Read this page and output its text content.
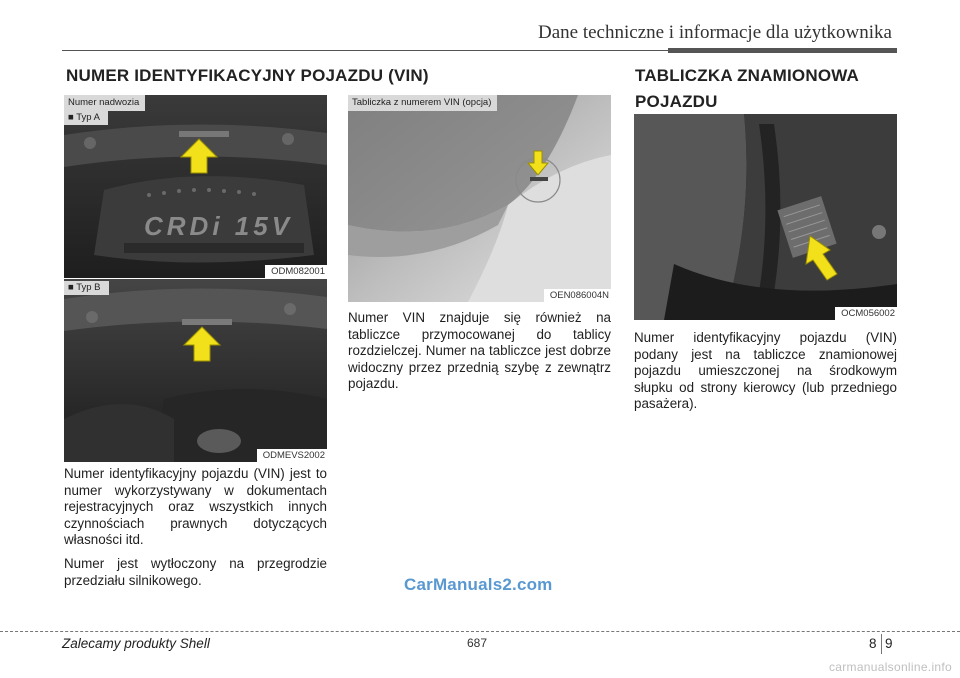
Dane techniczne i informacje dla użytkownika
NUMER IDENTYFIKACYJNY POJAZDU (VIN)
CRDi 15V
Numer nadwozia
■ Typ A
ODM082001
■ Typ B
ODMEVS2002

Numer identyfikacyjny pojazdu (VIN) jest to numer wykorzystywany w dokumentach rejestracyjnych oraz wszystkich innych czynnościach prawnych dotyczących własności itd.

Numer jest wytłoczony na przegrodzie przedziału silnikowego.

Tabliczka z numerem VIN (opcja)
OEN086004N

Numer VIN znajduje się również na tabliczce przymocowanej do tablicy rozdzielczej. Numer na tabliczce jest dobrze widoczny przez przednią szybę z zewnątrz pojazdu.

TABLICZKA ZNAMIONOWA
POJAZDU
OCM056002

Numer identyfikacyjny pojazdu (VIN) podany jest na tabliczce znamionowej pojazdu umieszczonej na środkowym słupku od strony kierowcy (lub przedniego pasażera).

CarManuals2.com
Zalecamy produkty Shell	687	8 9
carmanualsonline.info
